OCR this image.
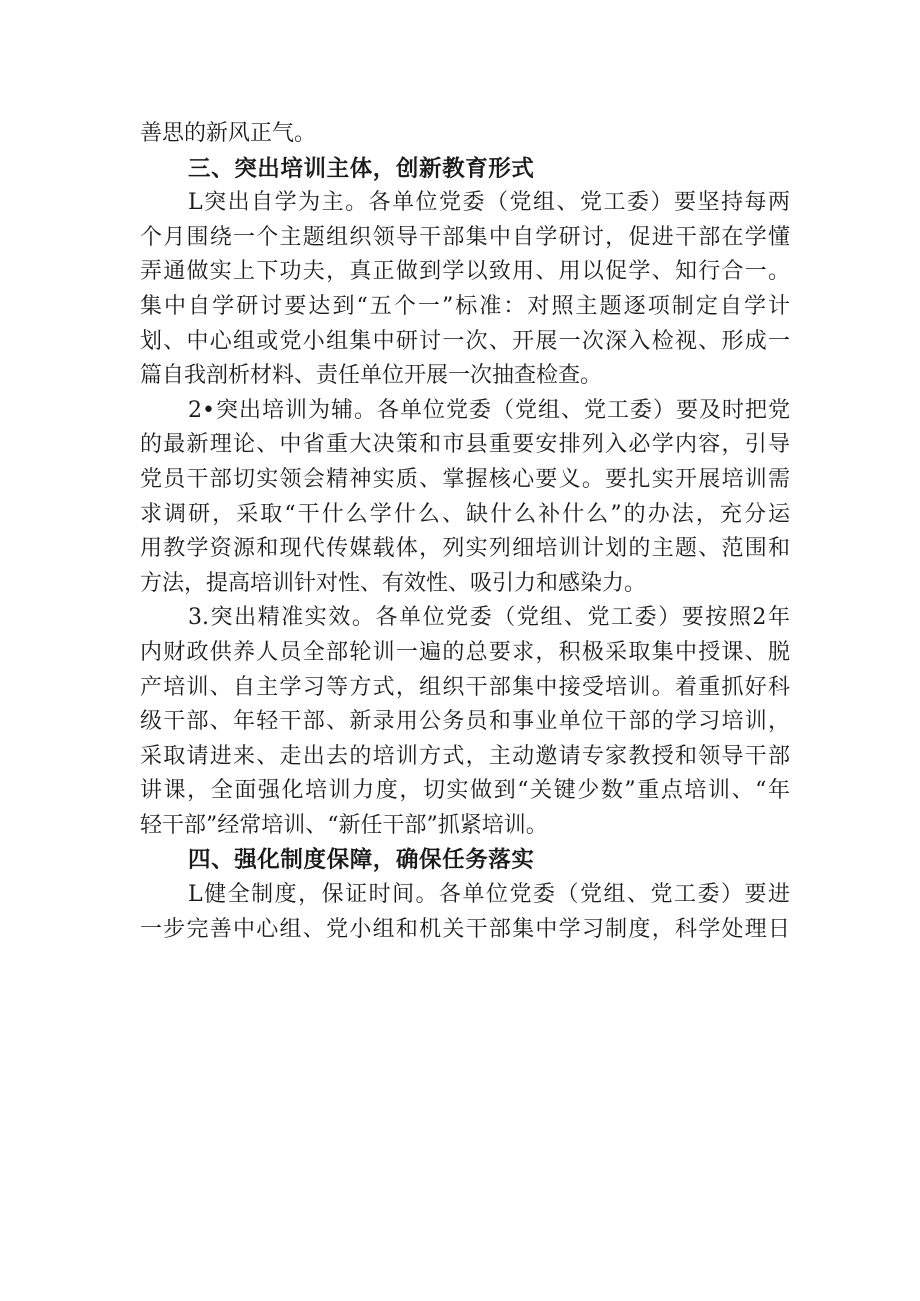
善思的新风正气。
三、突出培训主体，创新教育形式
L突出自学为主。各单位党委（党组、党工委）要坚持每两
个月围绕一个主题组织领导干部集中自学研讨，促进干部在学懂
弄通做实上下功夫，真正做到学以致用、用以促学、知行合一。
集中自学研讨要达到“五个一”标准：对照主题逐项制定自学计
划、中心组或党小组集中研讨一次、开展一次深入检视、形成一
篇自我剖析材料、责任单位开展一次抽查检查。
2•突出培训为辅。各单位党委（党组、党工委）要及时把党
的最新理论、中省重大决策和市县重要安排列入必学内容，引导
党员干部切实领会精神实质、掌握核心要义。要扎实开展培训需
求调研，采取“干什么学什么、缺什么补什么”的办法，充分运
用教学资源和现代传媒载体，列实列细培训计划的主题、范围和
方法，提高培训针对性、有效性、吸引力和感染力。
3.突出精准实效。各单位党委（党组、党工委）要按照2年
内财政供养人员全部轮训一遍的总要求，积极采取集中授课、脱
产培训、自主学习等方式，组织干部集中接受培训。着重抓好科
级干部、年轻干部、新录用公务员和事业单位干部的学习培训，
采取请进来、走出去的培训方式，主动邀请专家教授和领导干部
讲课，全面强化培训力度，切实做到“关键少数”重点培训、“年
轻干部”经常培训、“新任干部”抓紧培训。
四、强化制度保障，确保任务落实
L健全制度，保证时间。各单位党委（党组、党工委）要进
一步完善中心组、党小组和机关干部集中学习制度，科学处理日
